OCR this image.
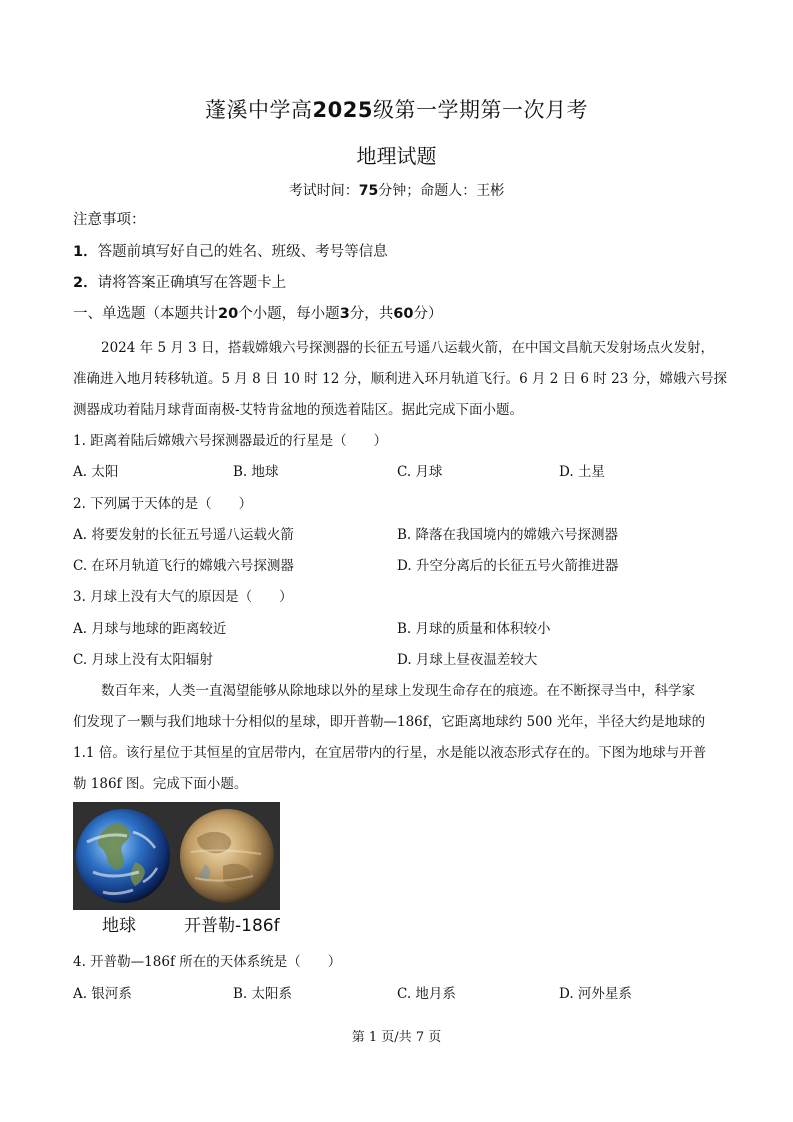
蓬溪中学高2025级第一学期第一次月考
地理试题
考试时间：75分钟；命题人：王彬
注意事项：
1．答题前填写好自己的姓名、班级、考号等信息
2．请将答案正确填写在答题卡上
一、单选题（本题共计20个小题，每小题3分，共60分）
2024 年 5 月 3 日，搭载嫦娥六号探测器的长征五号遥八运载火箭，在中国文昌航天发射场点火发射，
准确进入地月转移轨道。5 月 8 日 10 时 12 分，顺利进入环月轨道飞行。6 月 2 日 6 时 23 分，嫦娥六号探
测器成功着陆月球背面南极-艾特肯盆地的预选着陆区。据此完成下面小题。
1. 距离着陆后嫦娥六号探测器最近的行星是（　　）
A. 太阳	B. 地球	C. 月球	D. 土星
2. 下列属于天体的是（　　）
A. 将要发射的长征五号遥八运载火箭	B. 降落在我国境内的嫦娥六号探测器
C. 在环月轨道飞行的嫦娥六号探测器	D. 升空分离后的长征五号火箭推进器
3. 月球上没有大气的原因是（　　）
A. 月球与地球的距离较近	B. 月球的质量和体积较小
C. 月球上没有太阳辐射	D. 月球上昼夜温差较大
数百年来，人类一直渴望能够从除地球以外的星球上发现生命存在的痕迹。在不断探寻当中，科学家
们发现了一颗与我们地球十分相似的星球，即开普勒—186f，它距离地球约 500 光年，半径大约是地球的
1.1 倍。该行星位于其恒星的宜居带内，在宜居带内的行星，水是能以液态形式存在的。下图为地球与开普
勒 186f 图。完成下面小题。
地球	开普勒-186f
4. 开普勒—186f 所在的天体系统是（　　）
A. 银河系	B. 太阳系	C. 地月系	D. 河外星系
第 1 页/共 7 页
